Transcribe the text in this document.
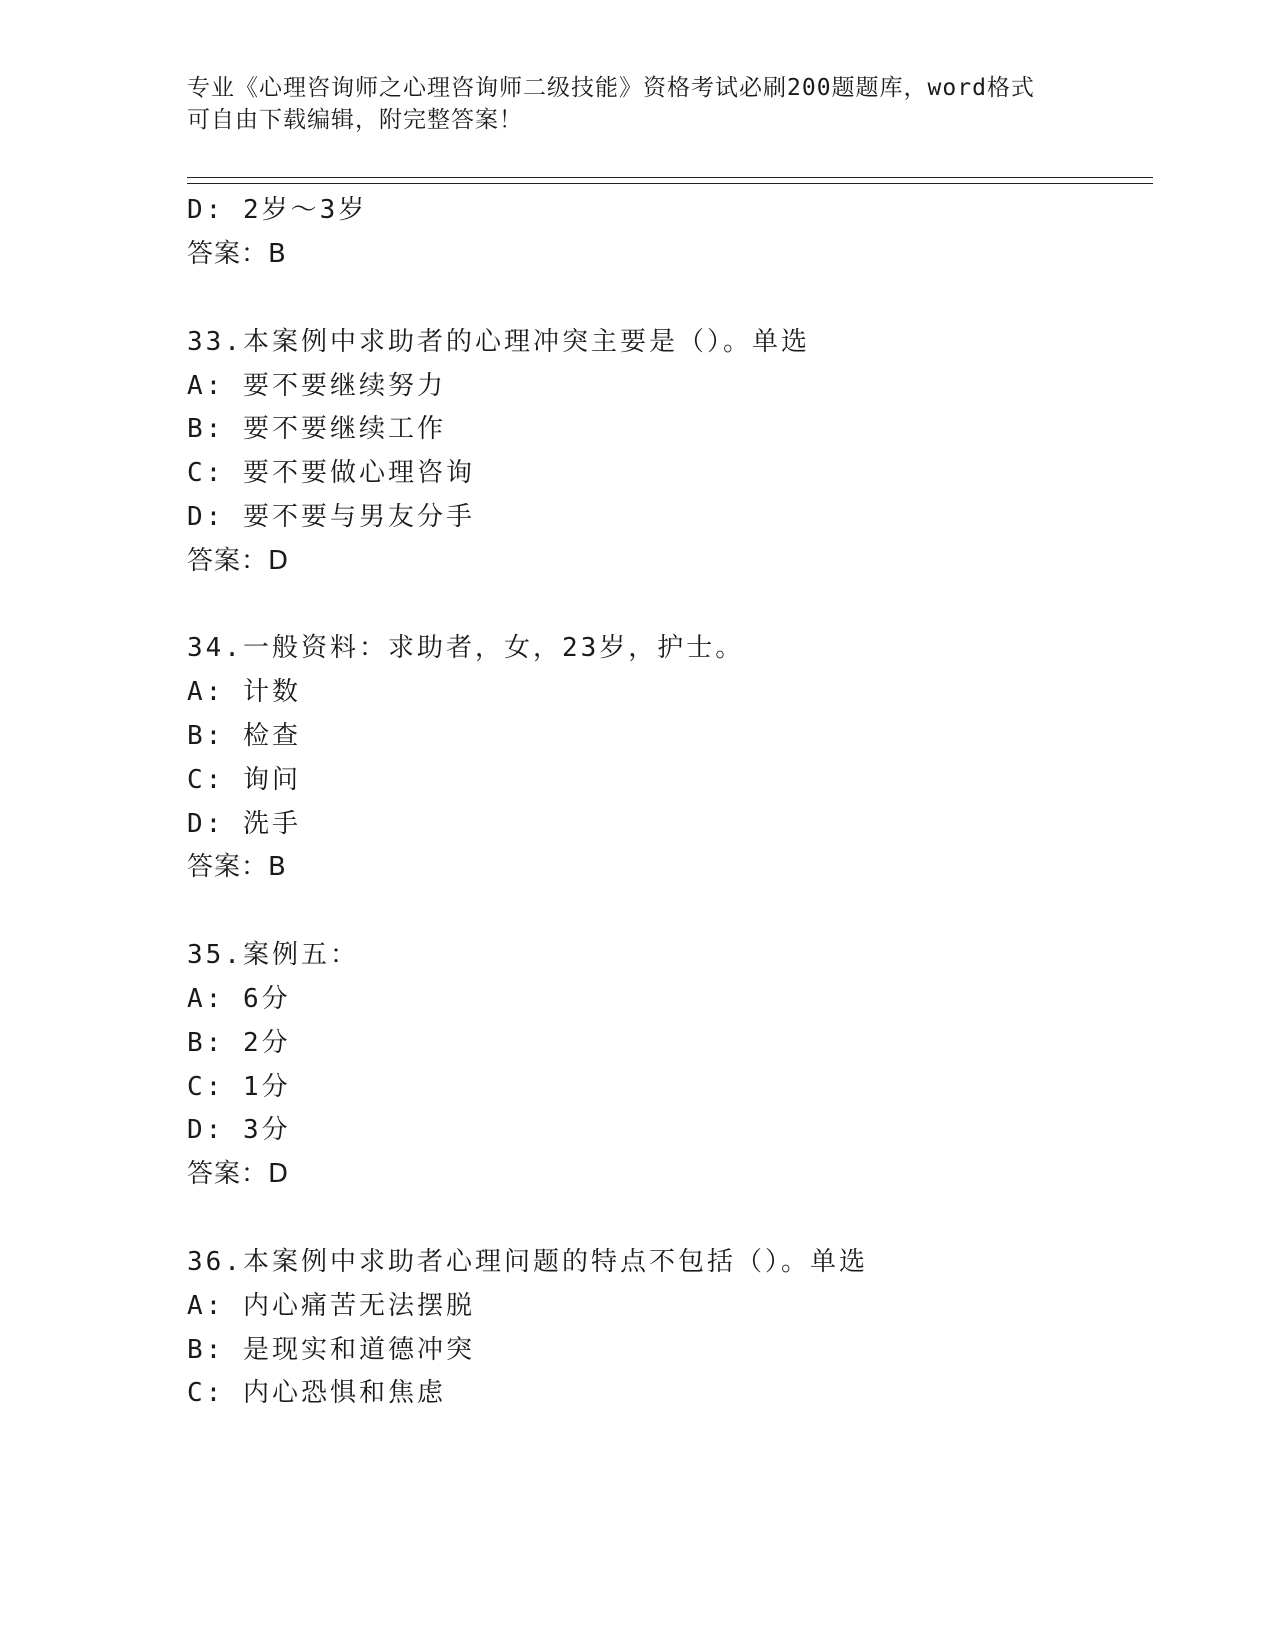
专业《心理咨询师之心理咨询师二级技能》资格考试必刷200题题库，word格式
可自由下载编辑，附完整答案！
D: 2岁～3岁
答案：B
33.本案例中求助者的心理冲突主要是（）。单选
A: 要不要继续努力
B: 要不要继续工作
C: 要不要做心理咨询
D: 要不要与男友分手
答案：D
34.一般资料：求助者，女，23岁，护士。
A: 计数
B: 检查
C: 询问
D: 洗手
答案：B
35.案例五：
A: 6分
B: 2分
C: 1分
D: 3分
答案：D
36.本案例中求助者心理问题的特点不包括（）。单选
A: 内心痛苦无法摆脱
B: 是现实和道德冲突
C: 内心恐惧和焦虑
